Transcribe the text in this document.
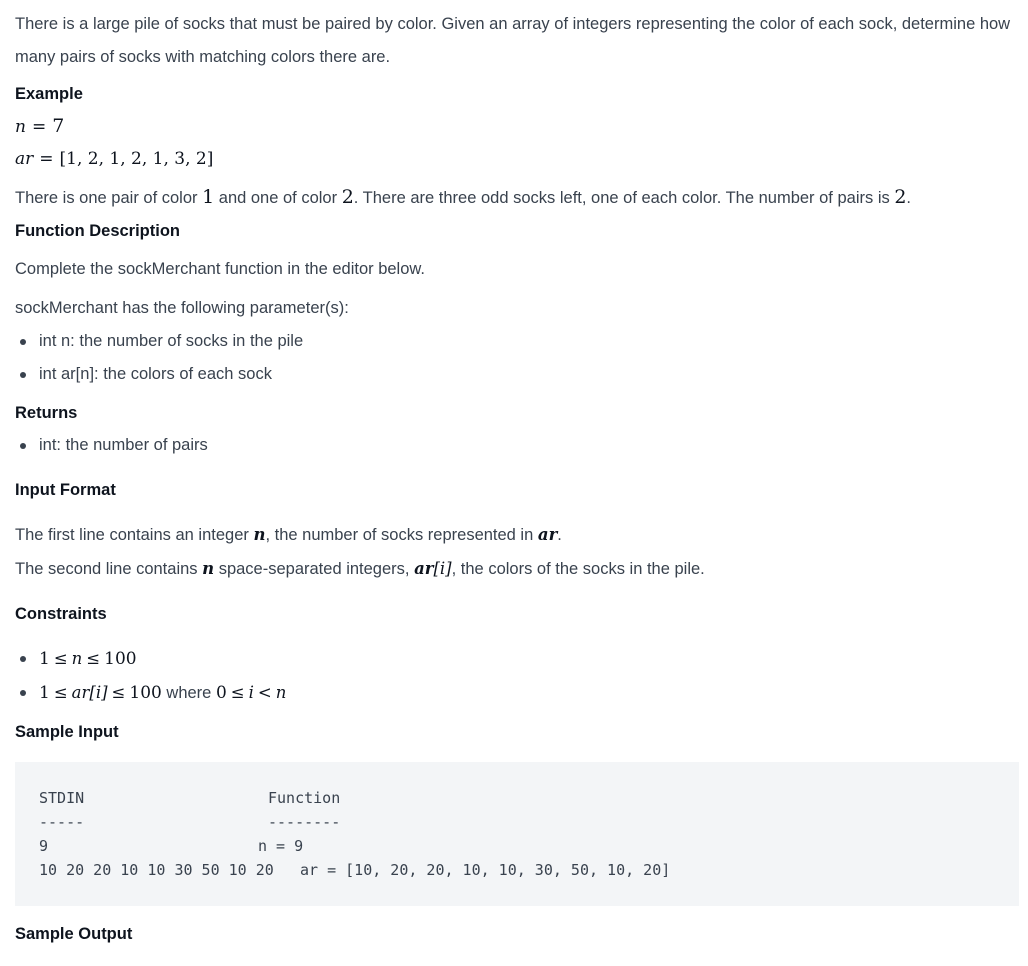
There is a large pile of socks that must be paired by color. Given an array of integers representing the color of each sock, determine how many pairs of socks with matching colors there are.

Example
n = 7
ar = [1, 2, 1, 2, 1, 3, 2]

There is one pair of color 1 and one of color 2. There are three odd socks left, one of each color. The number of pairs is 2.

Function Description

Complete the sockMerchant function in the editor below.

sockMerchant has the following parameter(s):

int n: the number of socks in the pile
int ar[n]: the colors of each sock
Returns
int: the number of pairs
Input Format

The first line contains an integer n, the number of socks represented in ar.

The second line contains n space-separated integers, ar[i], the colors of the socks in the pile.

Constraints
1 ≤ n ≤ 100
1 ≤ ar[i] ≤ 100 where 0 ≤ i < n
Sample Input
STDIN	Function
-----	--------
9	n = 9
10 20 20 10 10 30 50 10 20 ar = [10, 20, 20, 10, 10, 30, 50, 10, 20]
Sample Output
